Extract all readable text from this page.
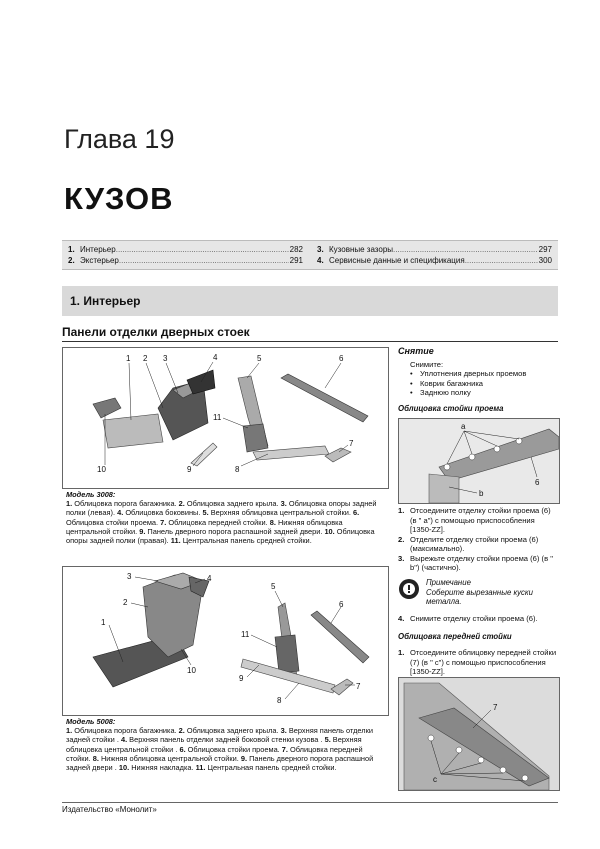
Глава 19
КУЗОВ
1. Интерьер .....	282
2. Экстерьер .....	291
3. Кузовные зазоры .....	297
4. Сервисные данные и спецификация .....	300
1. Интерьер
Панели отделки дверных стоек
1 2 3	4	5	6
7
8
9
10
11
Модель 3008:
1. Облицовка порога багажника. 2. Облицовка заднего крыла. 3. Облицовка опоры задней полки (левая). 4. Облицовка боковины. 5. Верхняя облицовка центральной стойки. 6. Облицовка стойки проема. 7. Облицовка передней стойки. 8. Нижняя облицовка центральной стойки. 9. Панель дверного порога распашной задней двери. 10. Облицовка опоры задней полки (правая). 11. Центральная панель средней стойки.
1
2
3	4
5
6
7
8
9
10
11
Модель 5008:
1. Облицовка порога багажника. 2. Облицовка заднего крыла. 3. Верхняя панель отделки задней стойки . 4. Верхняя панель отделки задней боковой стенки кузова . 5. Верхняя облицовка центральной стойки . 6. Облицовка стойки проема. 7. Облицовка передней стойки. 8. Нижняя облицовка центральной стойки. 9. Панель дверного порога распашной задней двери . 10. Нижняя накладка. 11. Центральная панель средней стойки.
Снятие
Снимите:
• Уплотнения дверных проемов
• Коврик багажника
• Заднюю полку
Облицовка стойки проема
a
b
6
1. Отсоедините отделку стойки проема (6) (в " a") с помощью приспособления [1350-ZZ].
2. Отделите отделку стойки проема (6) (максимально).
3. Вырежьте отделку стойки проема (6) (в " b") (частично).
Примечание
Соберите вырезанные куски металла.
4. Снимите отделку стойки проема (6).
Облицовка передней стойки
1. Отсоедините облицовку передней стойки (7) (в " c") с помощью приспособления [1350-ZZ].
7
c
Издательство «Монолит»
